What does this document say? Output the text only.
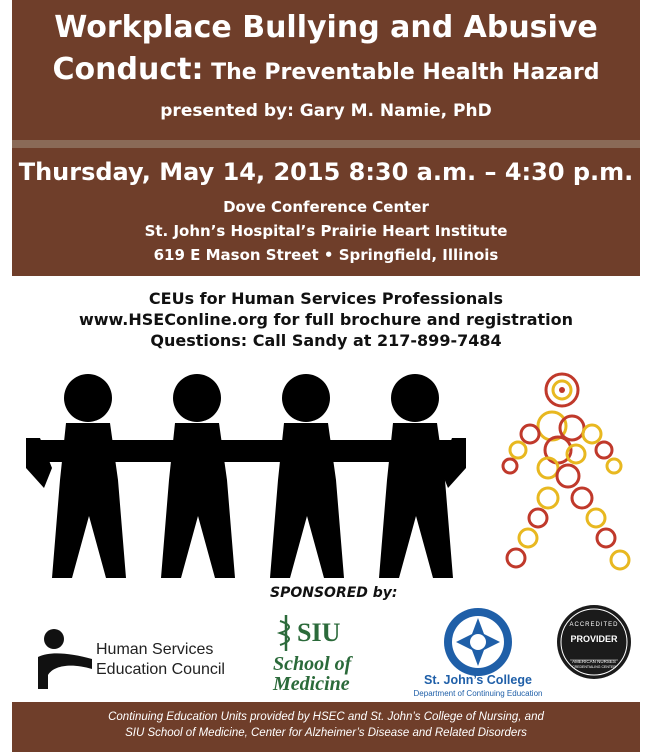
Workplace Bullying and Abusive
Conduct: The Preventable Health Hazard
presented by: Gary M. Namie, PhD
Thursday, May 14, 2015 8:30 a.m. – 4:30 p.m.
Dove Conference Center
St. John’s Hospital’s Prairie Heart Institute
619 E Mason Street • Springfield, Illinois
CEUs for Human Services Professionals
www.HSEConline.org for full brochure and registration
Questions: Call Sandy at 217-899-7484
SPONSORED by:
Human Services
Education Council
SIU
School of
Medicine	St. John’s College
Department of Continuing Education
ACCREDITED
PROVIDER
AMERICAN NURSES
CREDENTIALING CENTER
Continuing Education Units provided by HSEC and St. John’s College of Nursing, and
SIU School of Medicine, Center for Alzheimer’s Disease and Related Disorders
